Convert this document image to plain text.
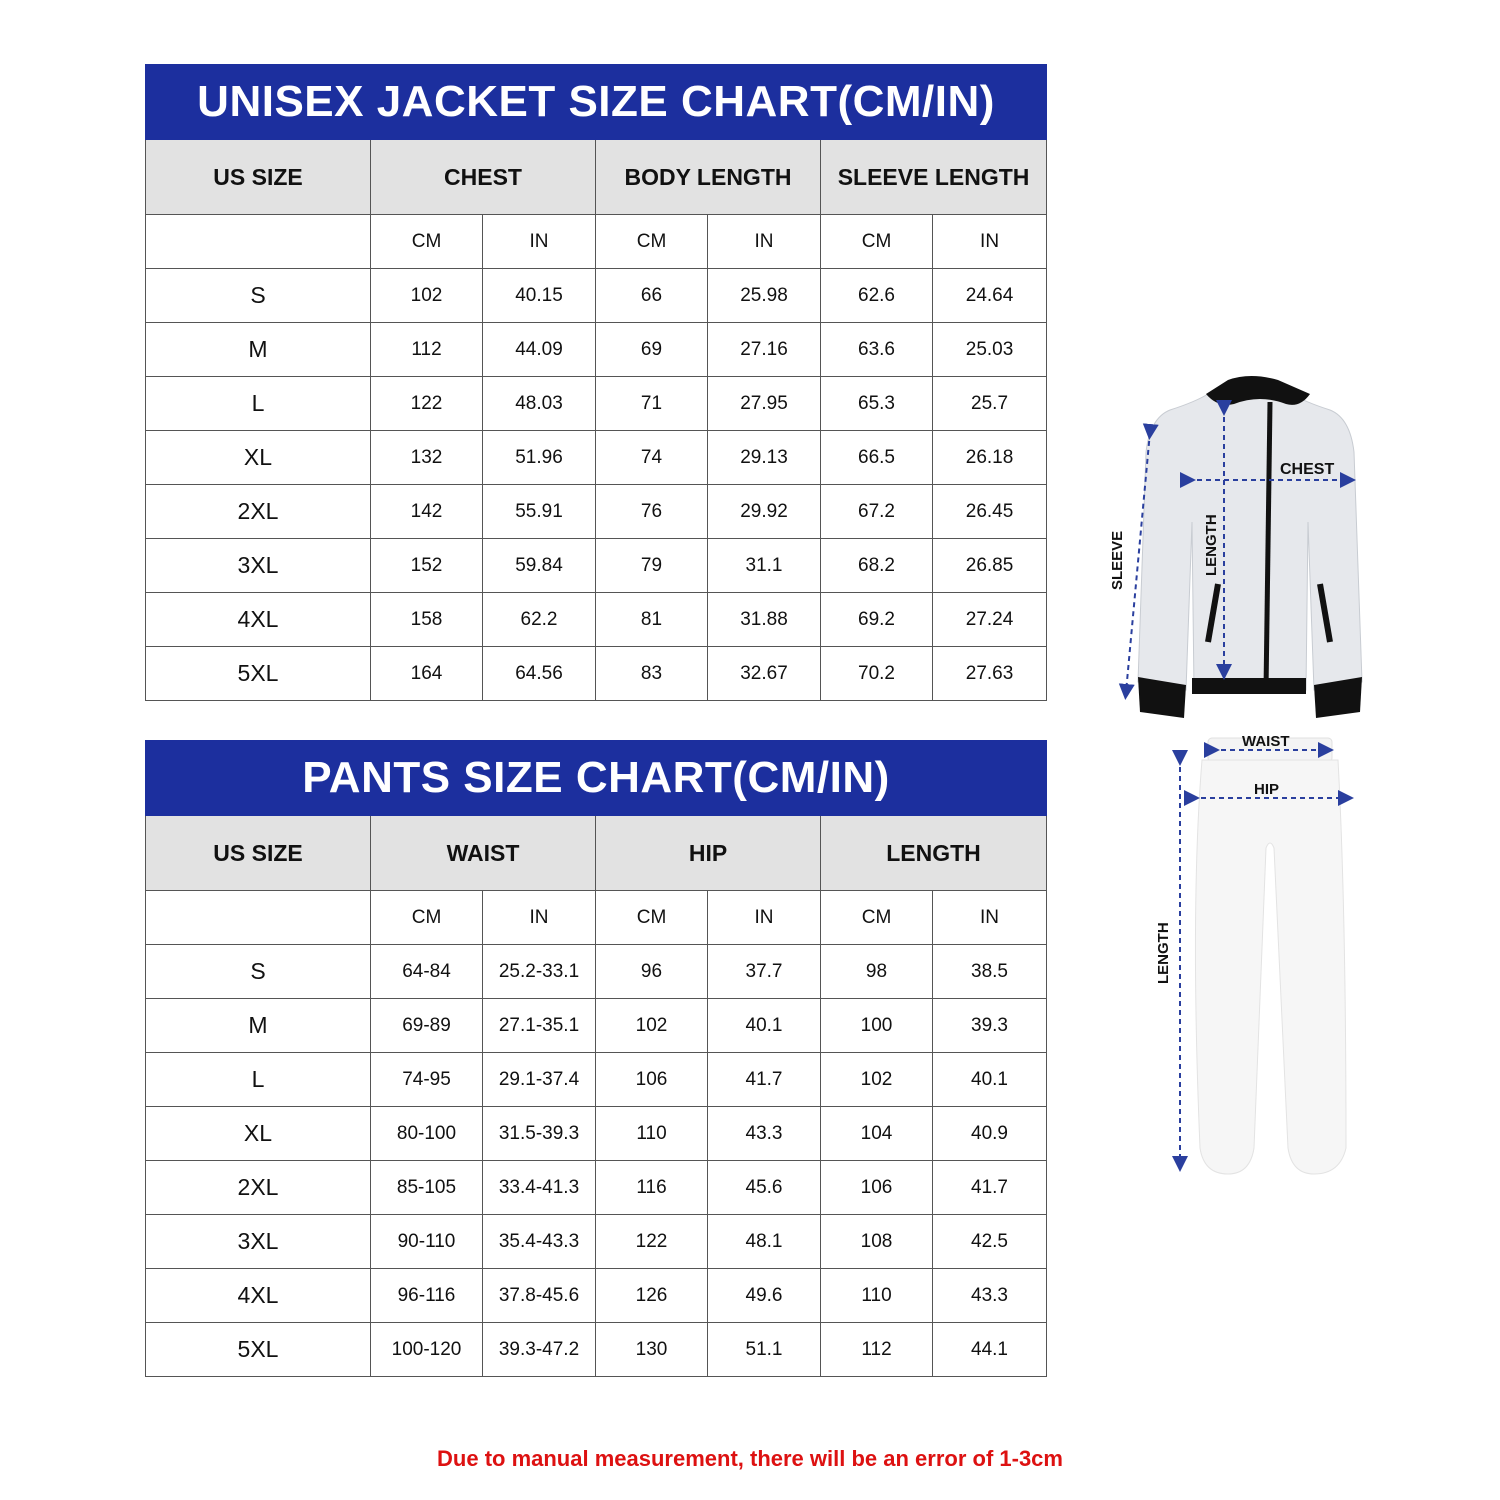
UNISEX JACKET SIZE CHART(CM/IN)						
US SIZE	CHEST		BODY LENGTH		SLEEVE LENGTH	
	CM	IN	CM	IN	CM	IN
S	102	40.15	66	25.98	62.6	24.64
M	112	44.09	69	27.16	63.6	25.03
L	122	48.03	71	27.95	65.3	25.7
XL	132	51.96	74	29.13	66.5	26.18
2XL	142	55.91	76	29.92	67.2	26.45
3XL	152	59.84	79	31.1	68.2	26.85
4XL	158	62.2	81	31.88	69.2	27.24
5XL	164	64.56	83	32.67	70.2	27.63
PANTS SIZE CHART(CM/IN)						
US SIZE	WAIST		HIP		LENGTH	
	CM	IN	CM	IN	CM	IN
S	64-84	25.2-33.1	96	37.7	98	38.5
M	69-89	27.1-35.1	102	40.1	100	39.3
L	74-95	29.1-37.4	106	41.7	102	40.1
XL	80-100	31.5-39.3	110	43.3	104	40.9
2XL	85-105	33.4-41.3	116	45.6	106	41.7
3XL	90-110	35.4-43.3	122	48.1	108	42.5
4XL	96-116	37.8-45.6	126	49.6	110	43.3
5XL	100-120	39.3-47.2	130	51.1	112	44.1
CHEST
LENGTH
SLEEVE
WAIST
HIP
LENGTH
Due to manual measurement, there will be an error of 1-3cm
